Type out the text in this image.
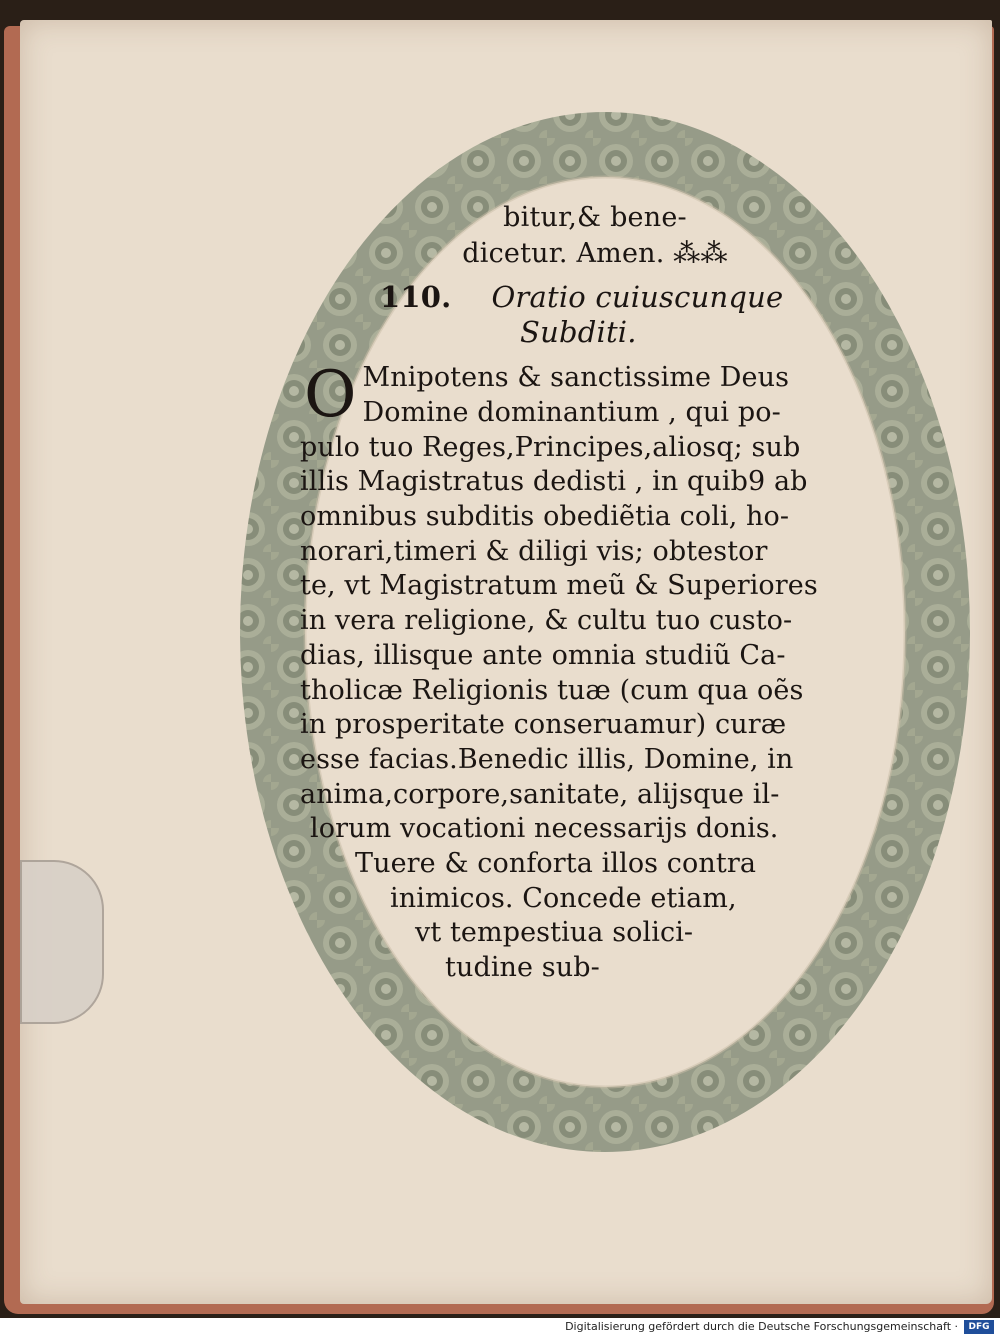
bitur,& bene-
dicetur. Amen. ⁂⁂
110. Oratio cuiuscunque
Subditi.
O Mnipotens & sanctissime Deus
Domine dominantium , qui po-
pulo tuo Reges,Principes,aliosq; sub
illis Magistratus dedisti , in quib9 ab
omnibus subditis obediẽtia coli, ho-
norari,timeri & diligi vis; obtestor
te, vt Magistratum meũ & Superiores
in vera religione, & cultu tuo custo-
dias, illisque ante omnia studiũ Ca-
tholicæ Religionis tuæ (cum qua oẽs
in prosperitate conseruamur) curæ
esse facias.Benedic illis, Domine, in
anima,corpore,sanitate, alijsque il-
lorum vocationi necessarijs donis.
Tuere & conforta illos contra
inimicos. Concede etiam,
vt tempestiua solici-
tudine sub-
Digitalisierung gefördert durch die Deutsche Forschungsgemeinschaft ·	DFG
